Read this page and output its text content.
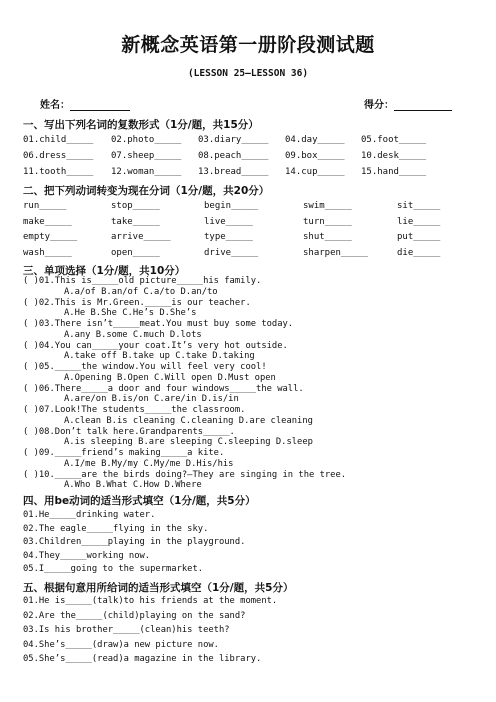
新概念英语第一册阶段测试题
(LESSON 25—LESSON 36)
姓名：	得分：
一、写出下列名词的复数形式（1分/题，共15分）
01.child_____ 02.photo_____ 03.diary_____ 04.day_____ 05.foot_____
06.dress_____ 07.sheep_____ 08.peach_____ 09.box_____ 10.desk_____
11.tooth_____ 12.woman_____ 13.bread_____ 14.cup_____ 15.hand_____
二、把下列动词转变为现在分词（1分/题，共20分）
run_____	stop_____	begin_____	swim_____	sit_____
make_____	take_____	live_____	turn_____	lie_____
empty_____	arrive_____	type_____	shut_____	put_____
wash_____	open_____	drive_____	sharpen_____	die_____
三、单项选择（1分/题，共10分）
( )01.This is_____old picture_____his family.
A.a/of B.an/of C.a/to D.an/to
( )02.This is Mr.Green._____is our teacher.
A.He B.She C.He’s D.She’s
( )03.There isn’t_____meat.You must buy some today.
A.any B.some C.much D.lots
( )04.You can_____your coat.It’s very hot outside.
A.take off B.take up C.take D.taking
( )05._____the window.You will feel very cool!
A.Opening B.Open C.Will open D.Must open
( )06.There_____a door and four windows_____the wall.
A.are/on B.is/on C.are/in D.is/in
( )07.Look!The students_____the classroom.
A.clean B.is cleaning C.cleaning D.are cleaning
( )08.Don’t talk here.Grandparents_____.
A.is sleeping B.are sleeping C.sleeping D.sleep
( )09._____friend’s making_____a kite.
A.I/me B.My/my C.My/me D.His/his
( )10._____are the birds doing?—They are singing in the tree.
A.Who B.What C.How D.Where
四、用be动词的适当形式填空（1分/题，共5分）
01.He_____drinking water.
02.The eagle_____flying in the sky.
03.Children_____playing in the playground.
04.They_____working now.
05.I_____going to the supermarket.
五、根据句意用所给词的适当形式填空（1分/题，共5分）
01.He is_____(talk)to his friends at the moment.
02.Are the_____(child)playing on the sand?
03.Is his brother_____(clean)his teeth?
04.She’s_____(draw)a new picture now.
05.She’s_____(read)a magazine in the library.
